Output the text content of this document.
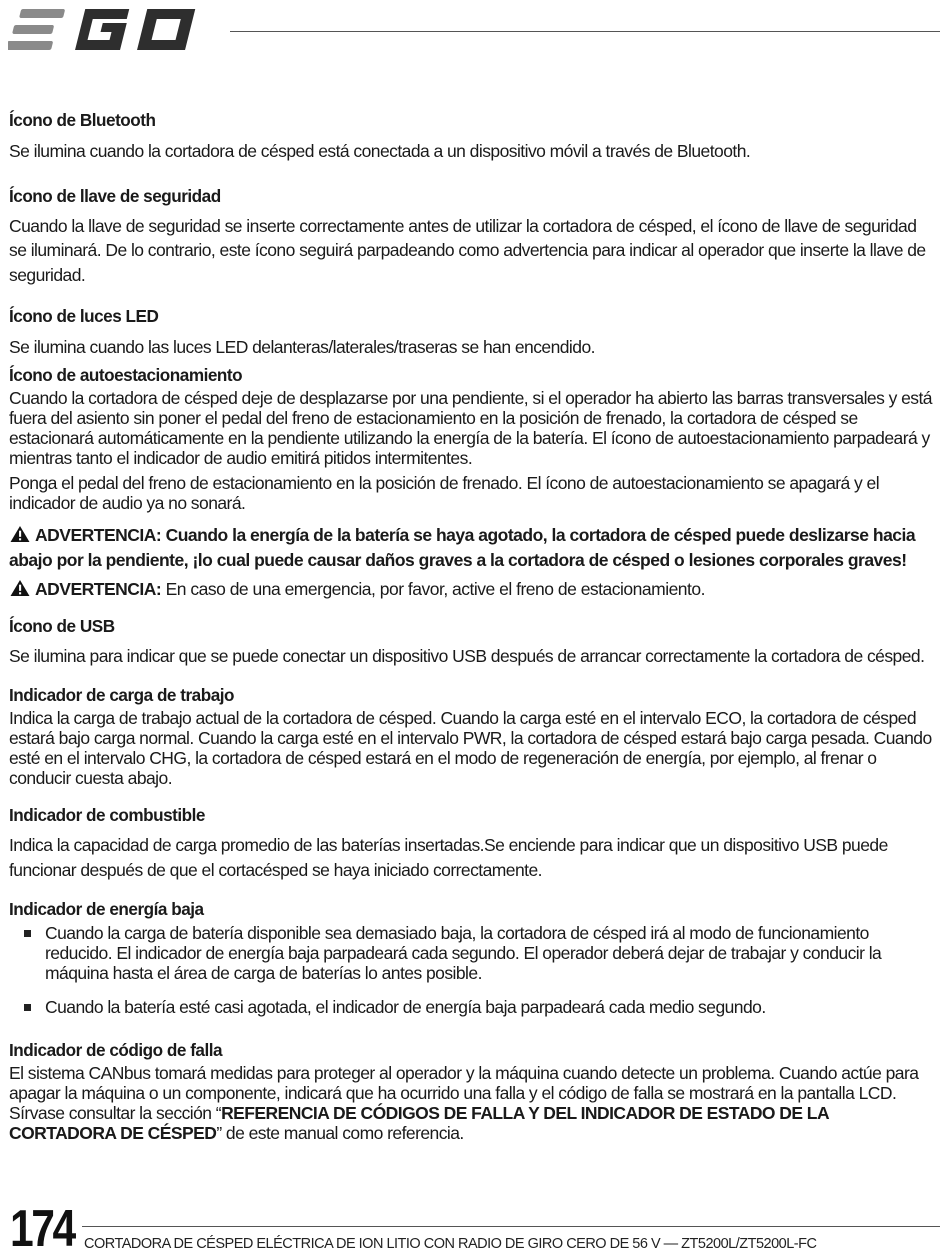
Ícono de Bluetooth

Se ilumina cuando la cortadora de césped está conectada a un dispositivo móvil a través de Bluetooth.

Ícono de llave de seguridad

Cuando la llave de seguridad se inserte correctamente antes de utilizar la cortadora de césped, el ícono de llave de seguridad se iluminará. De lo contrario, este ícono seguirá parpadeando como advertencia para indicar al operador que inserte la llave de seguridad.

Ícono de luces LED

Se ilumina cuando las luces LED delanteras/laterales/traseras se han encendido.

Ícono de autoestacionamiento

Cuando la cortadora de césped deje de desplazarse por una pendiente, si el operador ha abierto las barras transversales y está fuera del asiento sin poner el pedal del freno de estacionamiento en la posición de frenado, la cortadora de césped se estacionará automáticamente en la pendiente utilizando la energía de la batería. El ícono de autoestacionamiento parpadeará y mientras tanto el indicador de audio emitirá pitidos intermitentes.

Ponga el pedal del freno de estacionamiento en la posición de frenado. El ícono de autoestacionamiento se apagará y el indicador de audio ya no sonará.

ADVERTENCIA: Cuando la energía de la batería se haya agotado, la cortadora de césped puede deslizarse hacia abajo por la pendiente, ¡lo cual puede causar daños graves a la cortadora de césped o lesiones corporales graves!

ADVERTENCIA: En caso de una emergencia, por favor, active el freno de estacionamiento.

Ícono de USB

Se ilumina para indicar que se puede conectar un dispositivo USB después de arrancar correctamente la cortadora de césped.

Indicador de carga de trabajo

Indica la carga de trabajo actual de la cortadora de césped. Cuando la carga esté en el intervalo ECO, la cortadora de césped estará bajo carga normal. Cuando la carga esté en el intervalo PWR, la cortadora de césped estará bajo carga pesada. Cuando esté en el intervalo CHG, la cortadora de césped estará en el modo de regeneración de energía, por ejemplo, al frenar o conducir cuesta abajo.

Indicador de combustible

Indica la capacidad de carga promedio de las baterías insertadas.Se enciende para indicar que un dispositivo USB puede funcionar después de que el cortacésped se haya iniciado correctamente.

Indicador de energía baja

Cuando la carga de batería disponible sea demasiado baja, la cortadora de césped irá al modo de funcionamiento reducido. El indicador de energía baja parpadeará cada segundo. El operador deberá dejar de trabajar y conducir la máquina hasta el área de carga de baterías lo antes posible.
Cuando la batería esté casi agotada, el indicador de energía baja parpadeará cada medio segundo.

Indicador de código de falla

El sistema CANbus tomará medidas para proteger al operador y la máquina cuando detecte un problema. Cuando actúe para apagar la máquina o un componente, indicará que ha ocurrido una falla y el código de falla se mostrará en la pantalla LCD. Sírvase consultar la sección “REFERENCIA DE CÓDIGOS DE FALLA Y DEL INDICADOR DE ESTADO DE LA CORTADORA DE CÉSPED” de este manual como referencia.

174 CORTADORA DE CÉSPED ELÉCTRICA DE ION LITIO CON RADIO DE GIRO CERO DE 56 V — ZT5200L/ZT5200L-FC
